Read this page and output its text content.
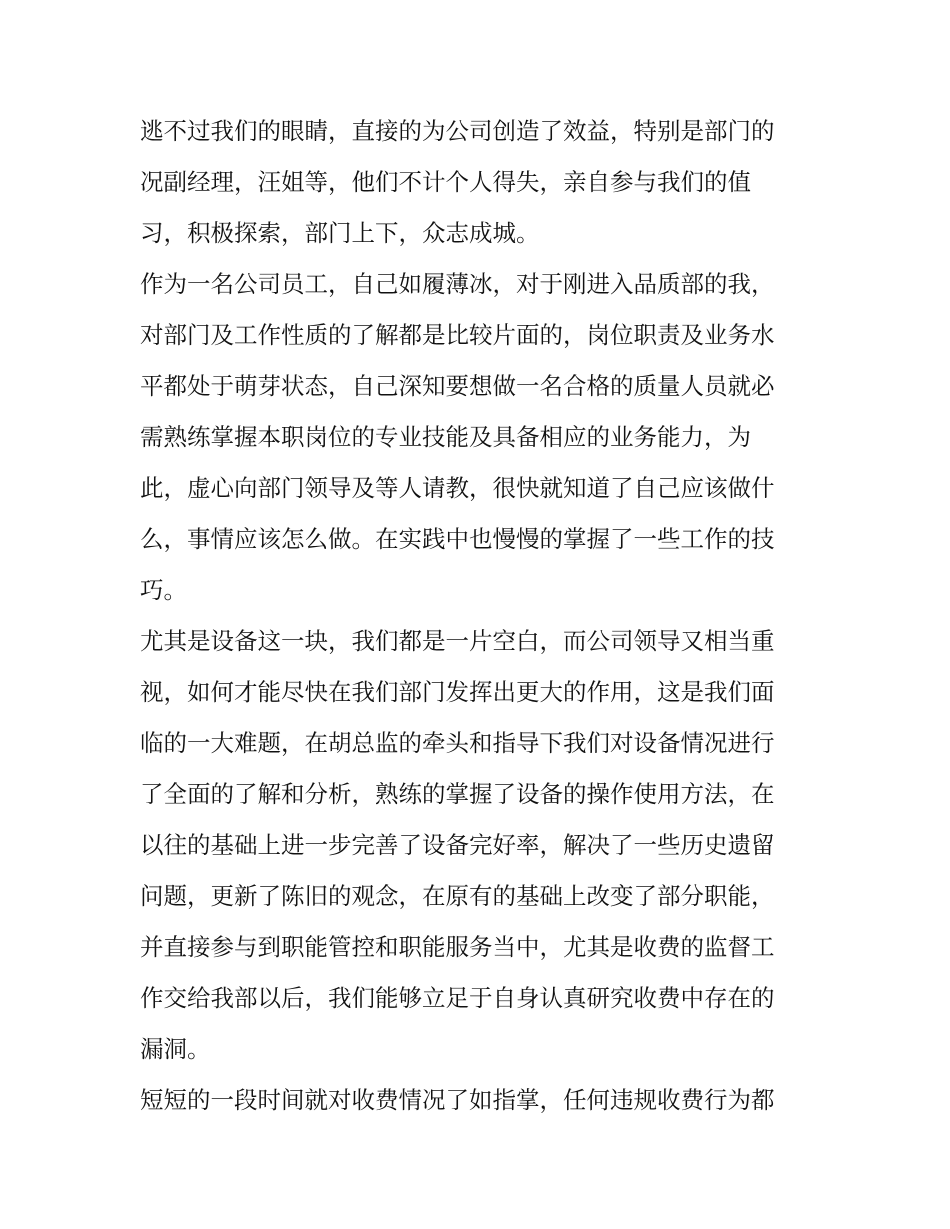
逃不过我们的眼睛，直接的为公司创造了效益，特别是部门的
况副经理，汪姐等，他们不计个人得失，亲自参与我们的值
习，积极探索，部门上下，众志成城。
作为一名公司员工，自己如履薄冰，对于刚进入品质部的我，
对部门及工作性质的了解都是比较片面的，岗位职责及业务水
平都处于萌芽状态，自己深知要想做一名合格的质量人员就必
需熟练掌握本职岗位的专业技能及具备相应的业务能力，为
此，虚心向部门领导及等人请教，很快就知道了自己应该做什
么，事情应该怎么做。在实践中也慢慢的掌握了一些工作的技
巧。
尤其是设备这一块，我们都是一片空白，而公司领导又相当重
视，如何才能尽快在我们部门发挥出更大的作用，这是我们面
临的一大难题，在胡总监的牵头和指导下我们对设备情况进行
了全面的了解和分析，熟练的掌握了设备的操作使用方法，在
以往的基础上进一步完善了设备完好率，解决了一些历史遗留
问题，更新了陈旧的观念，在原有的基础上改变了部分职能，
并直接参与到职能管控和职能服务当中，尤其是收费的监督工
作交给我部以后，我们能够立足于自身认真研究收费中存在的
漏洞。
短短的一段时间就对收费情况了如指掌，任何违规收费行为都
